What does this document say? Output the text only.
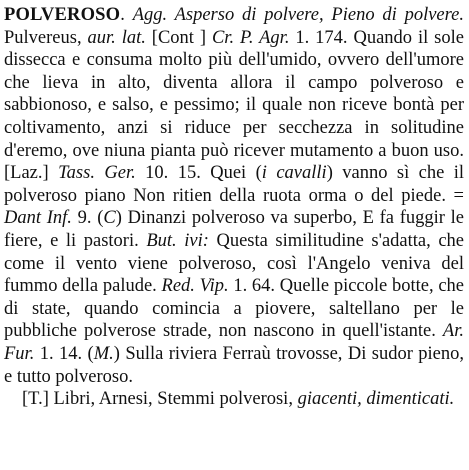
POLVEROSO. Agg. Asperso di polvere, Pieno di polvere. Pulvereus, aur. lat. [Cont ] Cr. P. Agr. 1. 174. Quando il sole dissecca e consuma molto più dell'umido, ovvero dell'umore che lieva in alto, diventa allora il campo polveroso e sabbionoso, e salso, e pessimo; il quale non riceve bontà per coltivamento, anzi si riduce per secchezza in solitudine d'eremo, ove niuna pianta può ricever mutamento a buon uso. [Laz.] Tass. Ger. 10. 15. Quei (i cavalli) vanno sì che il polveroso piano Non ritien della ruota orma o del piede. = Dant Inf. 9. (C) Dinanzi polveroso va superbo, E fa fuggir le fiere, e li pastori. But. ivi: Questa similitudine s'adatta, che come il vento viene polveroso, così l'Angelo veniva del fummo della palude. Red. Vip. 1. 64. Quelle piccole botte, che di state, quando comincia a piovere, saltellano per le pubbliche polverose strade, non nascono in quell'istante. Ar. Fur. 1. 14. (M.) Sulla riviera Ferraù trovosse, Di sudor pieno, e tutto polveroso.

[T.] Libri, Arnesi, Stemmi polverosi, giacenti, dimenticati.
